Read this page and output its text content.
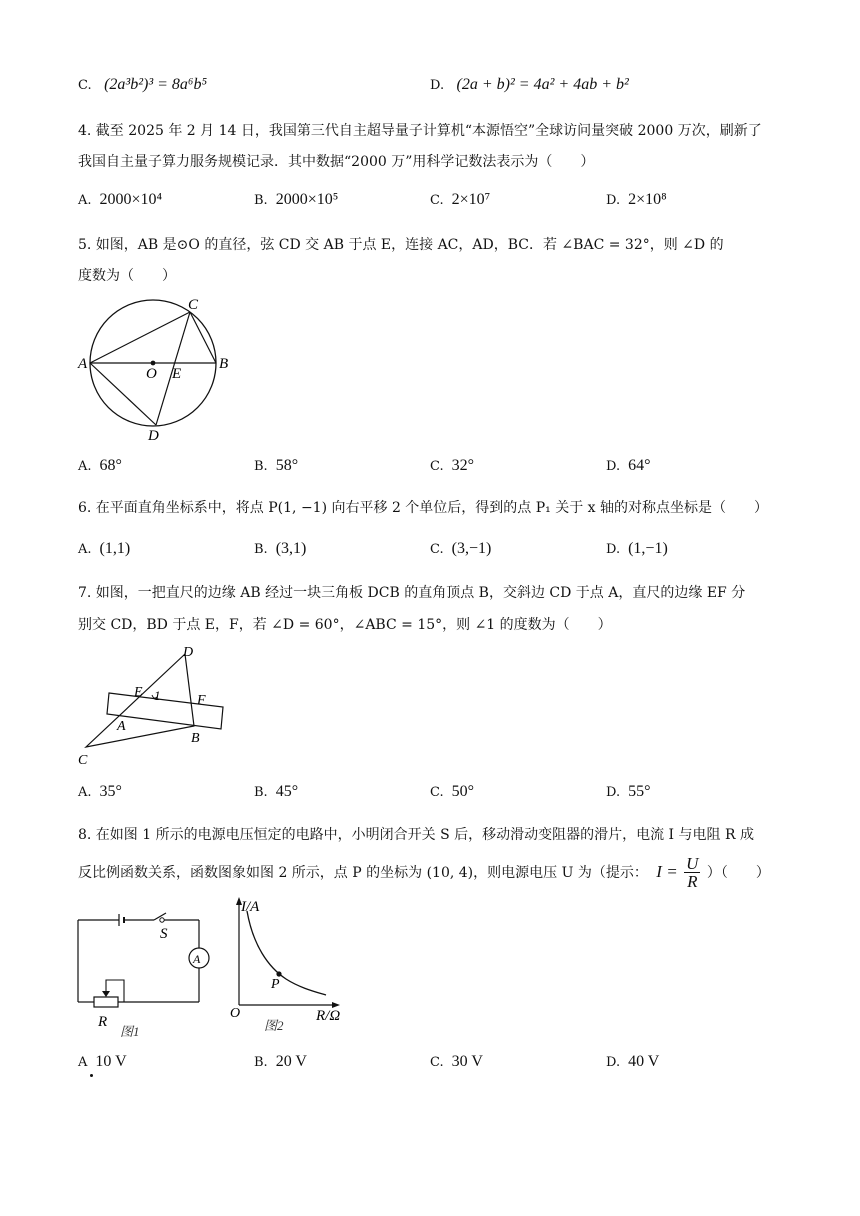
C. (2a³b²)³ = 8a⁶b⁵	D. (2a + b)² = 4a² + 4ab + b²
4. 截至 2025 年 2 月 14 日，我国第三代自主超导量子计算机“本源悟空”全球访问量突破 2000 万次，刷新了
我国自主量子算力服务规模记录．其中数据“2000 万”用科学记数法表示为（　　）
A. 2000×10⁴	B. 2000×10⁵	C. 2×10⁷	D. 2×10⁸
5. 如图，AB 是⊙O 的直径，弦 CD 交 AB 于点 E，连接 AC，AD，BC．若 ∠BAC = 32°，则 ∠D 的
度数为（　　）
A	B
C
D
O E
A. 68°	B. 58°	C. 32°	D. 64°
6. 在平面直角坐标系中，将点 P(1, −1) 向右平移 2 个单位后，得到的点 P₁ 关于 x 轴的对称点坐标是（　　）
A. (1,1)	B. (3,1)	C. (3,−1)	D. (1,−1)
7. 如图，一把直尺的边缘 AB 经过一块三角板 DCB 的直角顶点 B，交斜边 CD 于点 A，直尺的边缘 EF 分
别交 CD，BD 于点 E，F，若 ∠D = 60°，∠ABC = 15°，则 ∠1 的度数为（　　）
D
E 1	F
A
B
C
A. 35°	B. 45°	C. 50°	D. 55°
8. 在如图 1 所示的电源电压恒定的电路中，小明闭合开关 S 后，移动滑动变阻器的滑片，电流 I 与电阻 R 成
反比例函数关系，函数图象如图 2 所示，点 P 的坐标为 (10, 4)，则电源电压 U 为（提示： $I = \frac{U}{R}$ ）（　　）
S
A
R
图1
I/A
R/Ω
O
P
图2
A 10 V	B. 20 V	C. 30 V	D. 40 V
